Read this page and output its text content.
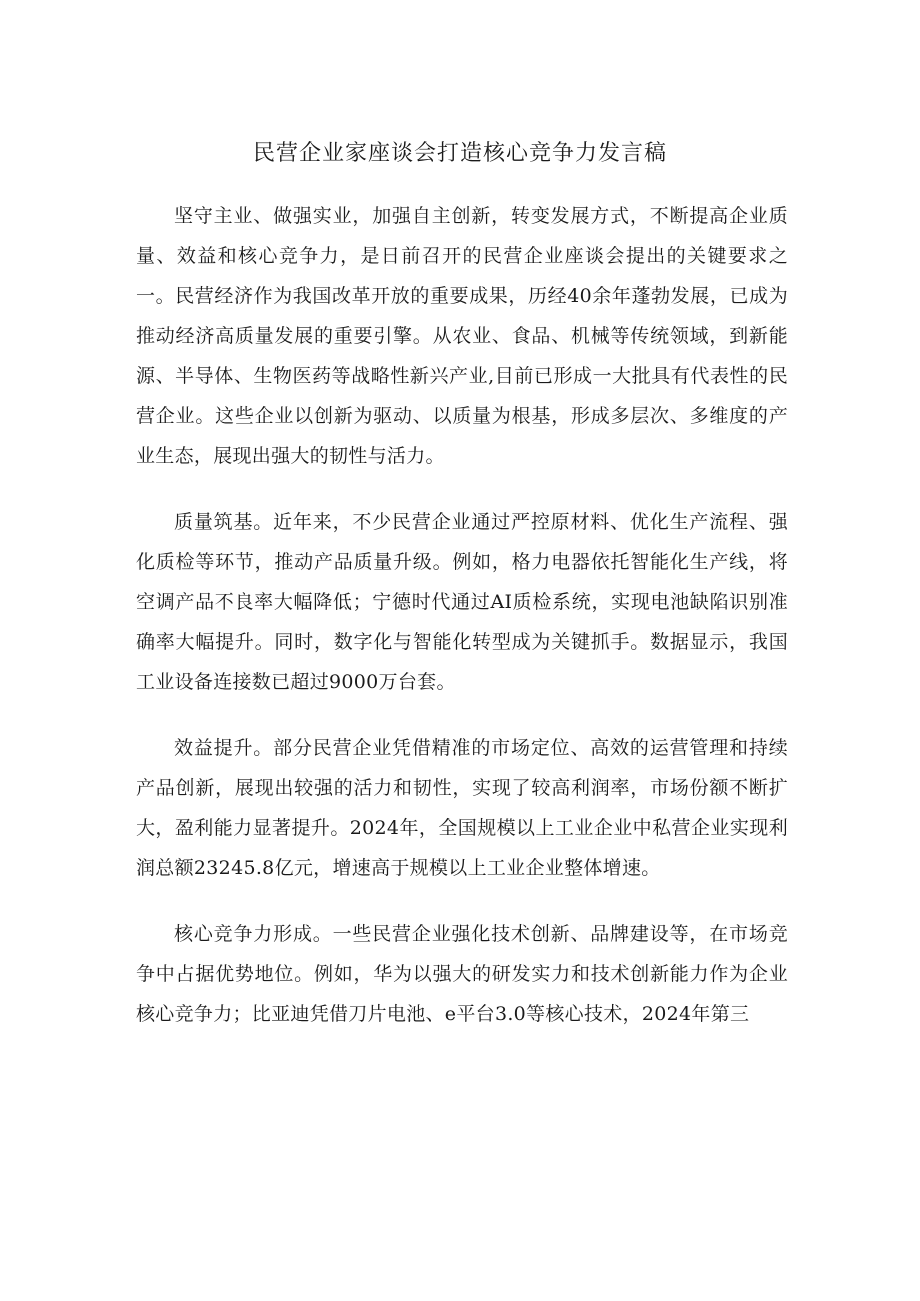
民营企业家座谈会打造核心竞争力发言稿

坚守主业、做强实业，加强自主创新，转变发展方式，不断提高企业质量、效益和核心竞争力，是日前召开的民营企业座谈会提出的关键要求之一。民营经济作为我国改革开放的重要成果，历经40余年蓬勃发展，已成为推动经济高质量发展的重要引擎。从农业、食品、机械等传统领域，到新能源、半导体、生物医药等战略性新兴产业,目前已形成一大批具有代表性的民营企业。这些企业以创新为驱动、以质量为根基，形成多层次、多维度的产业生态，展现出强大的韧性与活力。

质量筑基。近年来，不少民营企业通过严控原材料、优化生产流程、强化质检等环节，推动产品质量升级。例如，格力电器依托智能化生产线，将空调产品不良率大幅降低；宁德时代通过AI质检系统，实现电池缺陷识别准确率大幅提升。同时，数字化与智能化转型成为关键抓手。数据显示，我国工业设备连接数已超过9000万台套。

效益提升。部分民营企业凭借精准的市场定位、高效的运营管理和持续产品创新，展现出较强的活力和韧性，实现了较高利润率，市场份额不断扩大，盈利能力显著提升。2024年，全国规模以上工业企业中私营企业实现利润总额23245.8亿元，增速高于规模以上工业企业整体增速。

核心竞争力形成。一些民营企业强化技术创新、品牌建设等，在市场竞争中占据优势地位。例如，华为以强大的研发实力和技术创新能力作为企业核心竞争力；比亚迪凭借刀片电池、e平台3.0等核心技术，2024年第三
